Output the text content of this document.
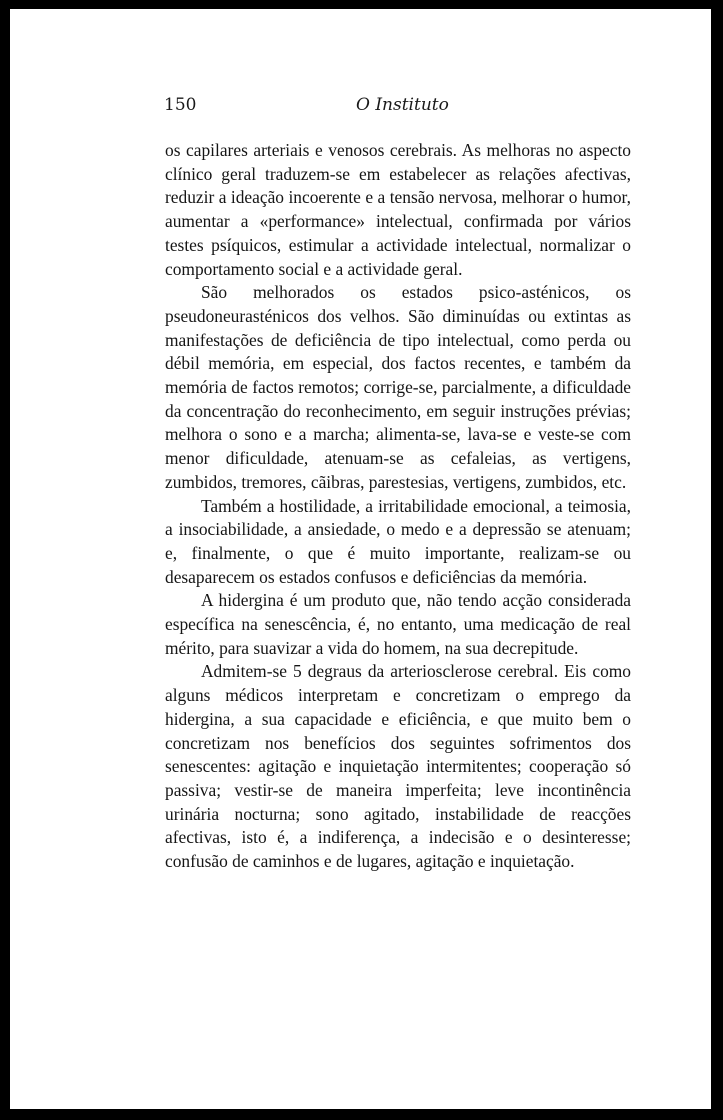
150	O Instituto

os capilares arteriais e venosos cerebrais. As melhoras no aspecto clínico geral traduzem-se em estabelecer as relações afectivas, reduzir a ideação incoerente e a tensão nervosa, melhorar o humor, aumentar a «performance» intelectual, confirmada por vários testes psíquicos, estimular a actividade intelectual, normalizar o comportamento social e a actividade geral.

São melhorados os estados psico-asténicos, os pseudoneurasténicos dos velhos. São diminuídas ou extintas as manifestações de deficiência de tipo intelectual, como perda ou débil memória, em especial, dos factos recentes, e também da memória de factos remotos; corrige-se, parcialmente, a dificuldade da concentração do reconhecimento, em seguir instruções prévias; melhora o sono e a marcha; alimenta-se, lava-se e veste-se com menor dificuldade, atenuam-se as cefaleias, as vertigens, zumbidos, tremores, cãibras, parestesias, vertigens, zumbidos, etc.

Também a hostilidade, a irritabilidade emocional, a teimosia, a insociabilidade, a ansiedade, o medo e a depressão se atenuam; e, finalmente, o que é muito importante, realizam-se ou desaparecem os estados confusos e deficiências da memória.

A hidergina é um produto que, não tendo acção considerada específica na senescência, é, no entanto, uma medicação de real mérito, para suavizar a vida do homem, na sua decrepitude.

Admitem-se 5 degraus da arteriosclerose cerebral. Eis como alguns médicos interpretam e concretizam o emprego da hidergina, a sua capacidade e eficiência, e que muito bem o concretizam nos benefícios dos seguintes sofrimentos dos senescentes: agitação e inquietação intermitentes; cooperação só passiva; vestir-se de maneira imperfeita; leve incontinência urinária nocturna; sono agitado, instabilidade de reacções afectivas, isto é, a indiferença, a indecisão e o desinteresse; confusão de caminhos e de lugares, agitação e inquietação.
